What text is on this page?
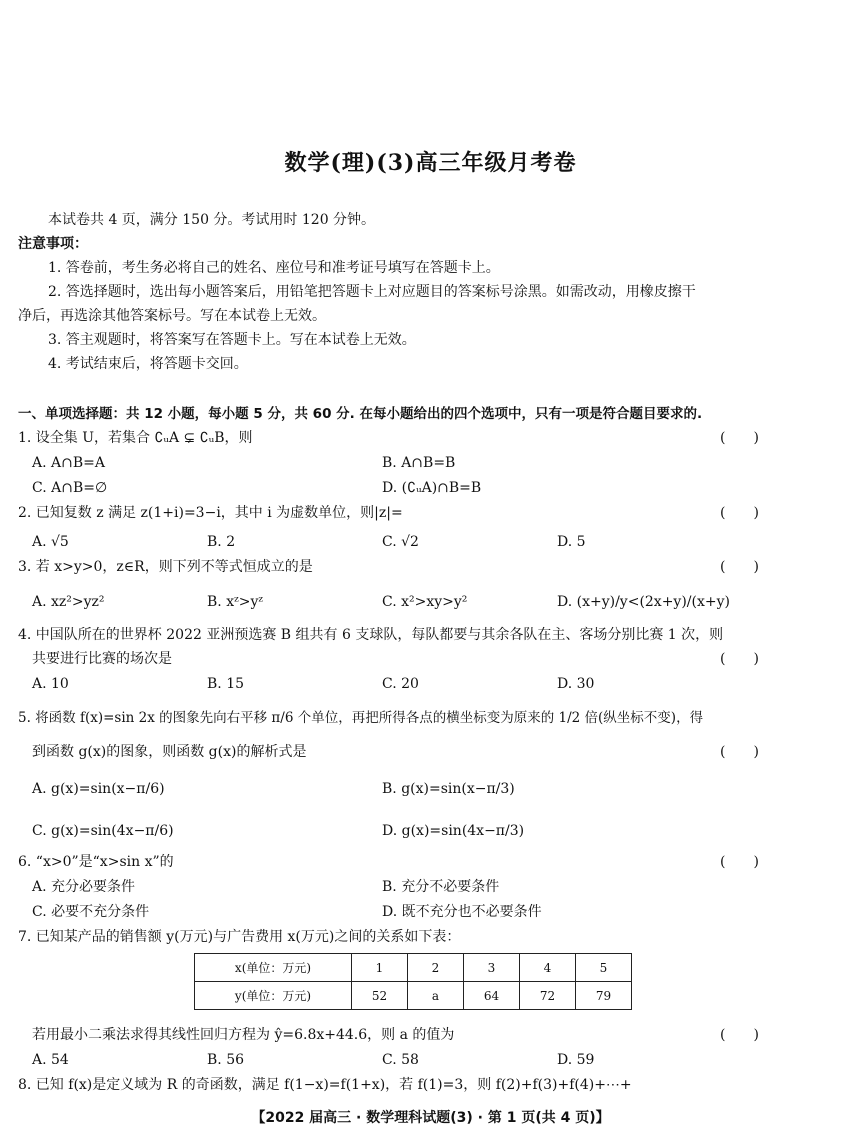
数学(理)(3)高三年级月考卷
本试卷共 4 页，满分 150 分。考试用时 120 分钟。
注意事项：
1. 答卷前，考生务必将自己的姓名、座位号和准考证号填写在答题卡上。
2. 答选择题时，选出每小题答案后，用铅笔把答题卡上对应题目的答案标号涂黑。如需改动，用橡皮擦干
净后，再选涂其他答案标号。写在本试卷上无效。
3. 答主观题时，将答案写在答题卡上。写在本试卷上无效。
4. 考试结束后，将答题卡交回。
一、单项选择题：共 12 小题，每小题 5 分，共 60 分. 在每小题给出的四个选项中，只有一项是符合题目要求的.
1. 设全集 U，若集合 ∁ᵤA ⊊ ∁ᵤB，则	(　　)
A. A∩B=A	B. A∩B=B
C. A∩B=∅	D. (∁ᵤA)∩B=B
2. 已知复数 z 满足 z(1+i)=3−i，其中 i 为虚数单位，则|z|=	(　　)
A. √5	B. 2	C. √2	D. 5
3. 若 x>y>0，z∈R，则下列不等式恒成立的是	(　　)
A. xz²>yz²	B. xᶻ>yᶻ	C. x²>xy>y²	D. (x+y)/y<(2x+y)/(x+y)
4. 中国队所在的世界杯 2022 亚洲预选赛 B 组共有 6 支球队，每队都要与其余各队在主、客场分别比赛 1 次，则
共要进行比赛的场次是	(　　)
A. 10	B. 15	C. 20	D. 30
5. 将函数 f(x)=sin 2x 的图象先向右平移 π/6 个单位，再把所得各点的横坐标变为原来的 1/2 倍(纵坐标不变)，得
到函数 g(x)的图象，则函数 g(x)的解析式是	(　　)
A. g(x)=sin(x−π/6)	B. g(x)=sin(x−π/3)
C. g(x)=sin(4x−π/6)	D. g(x)=sin(4x−π/3)
6. “x>0”是“x>sin x”的	(　　)
A. 充分必要条件	B. 充分不必要条件
C. 必要不充分条件	D. 既不充分也不必要条件
7. 已知某产品的销售额 y(万元)与广告费用 x(万元)之间的关系如下表：
x(单位：万元)	1	2	3	4	5
y(单位：万元)	52	a	64	72	79
若用最小二乘法求得其线性回归方程为 ŷ=6.8x+44.6，则 a 的值为	(　　)
A. 54	B. 56	C. 58	D. 59
8. 已知 f(x)是定义域为 R 的奇函数，满足 f(1−x)=f(1+x)，若 f(1)=3，则 f(2)+f(3)+f(4)+⋯+
【2022 届高三 · 数学理科试题(3) · 第 1 页(共 4 页)】
